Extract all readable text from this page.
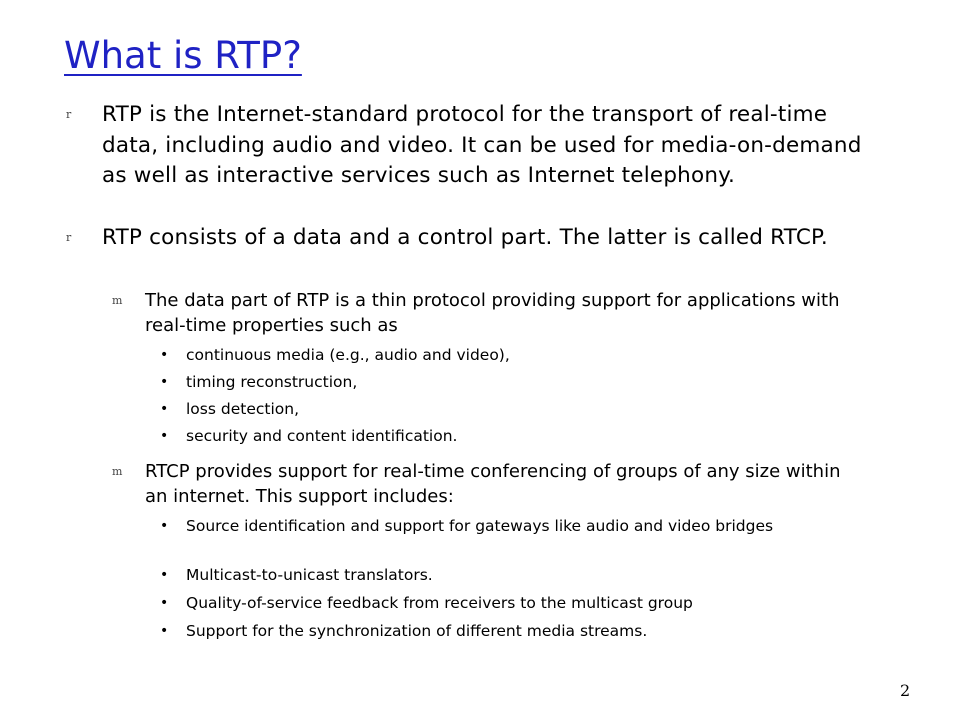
What is RTP?
r RTP is the Internet-standard protocol for the transport of real-time data, including audio and video. It can be used for media-on-demand as well as interactive services such as Internet telephony.
r RTP consists of a data and a control part. The latter is called RTCP.
m The data part of RTP is a thin protocol providing support for applications with real-time properties such as
• continuous media (e.g., audio and video),
• timing reconstruction,
• loss detection,
• security and content identification.
m RTCP provides support for real-time conferencing of groups of any size within an internet. This support includes:
• Source identification and support for gateways like audio and video bridges
• Multicast-to-unicast translators.
• Quality-of-service feedback from receivers to the multicast group
• Support for the synchronization of different media streams.
2
